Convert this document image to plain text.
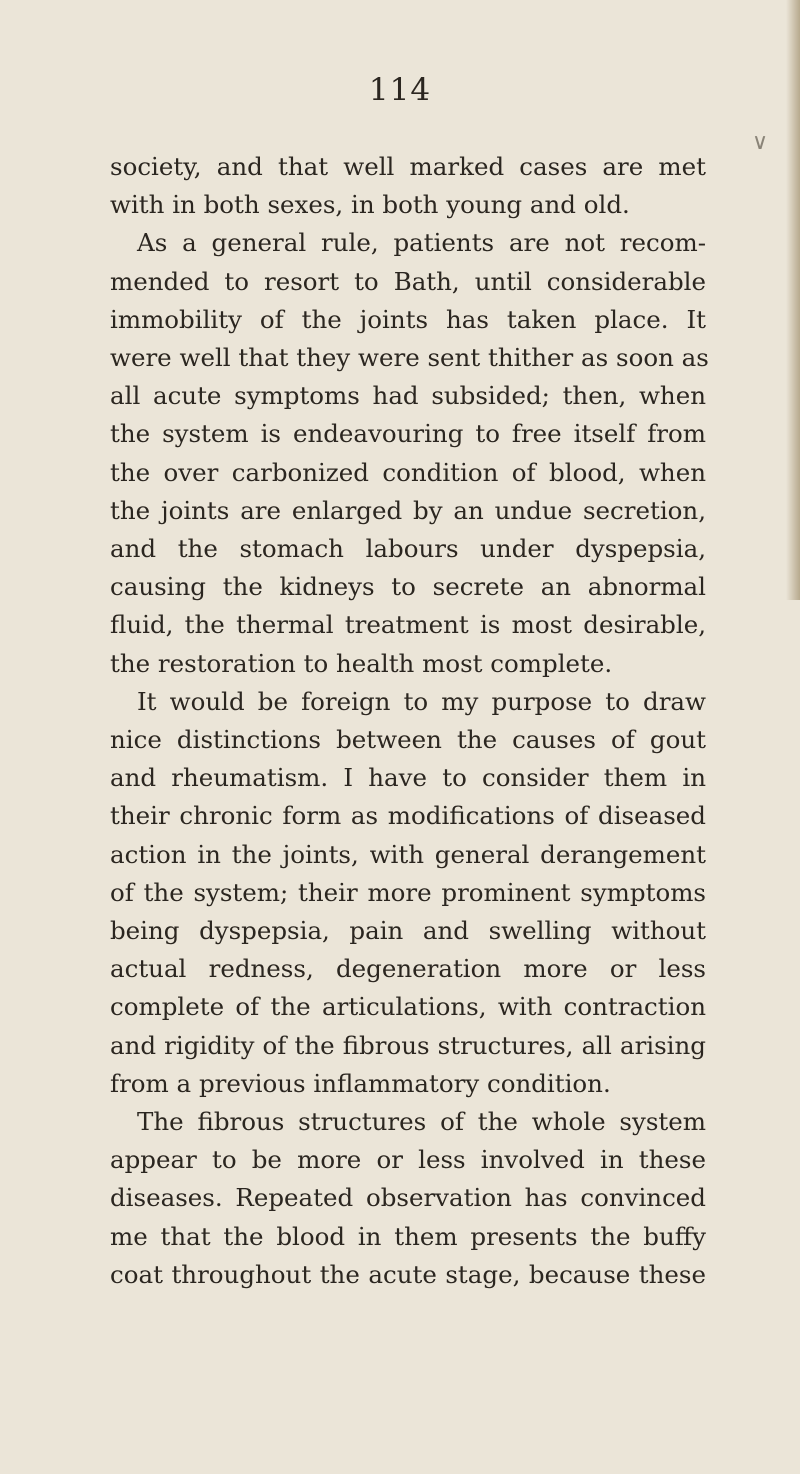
∨
114
society, and that well marked cases are met
with in both sexes, in both young and old.
As a general rule, patients are not recom-
mended to resort to Bath, until considerable
immobility of the joints has taken place. It
were well that they were sent thither as soon as
all acute symptoms had subsided; then, when
the system is endeavouring to free itself from
the over carbonized condition of blood, when
the joints are enlarged by an undue secretion,
and the stomach labours under dyspepsia,
causing the kidneys to secrete an abnormal
fluid, the thermal treatment is most desirable,
the restoration to health most complete.
It would be foreign to my purpose to draw
nice distinctions between the causes of gout
and rheumatism. I have to consider them in
their chronic form as modifications of diseased
action in the joints, with general derangement
of the system; their more prominent symptoms
being dyspepsia, pain and swelling without
actual redness, degeneration more or less
complete of the articulations, with contraction
and rigidity of the fibrous structures, all arising
from a previous inflammatory condition.
The fibrous structures of the whole system
appear to be more or less involved in these
diseases. Repeated observation has convinced
me that the blood in them presents the buffy
coat throughout the acute stage, because these
